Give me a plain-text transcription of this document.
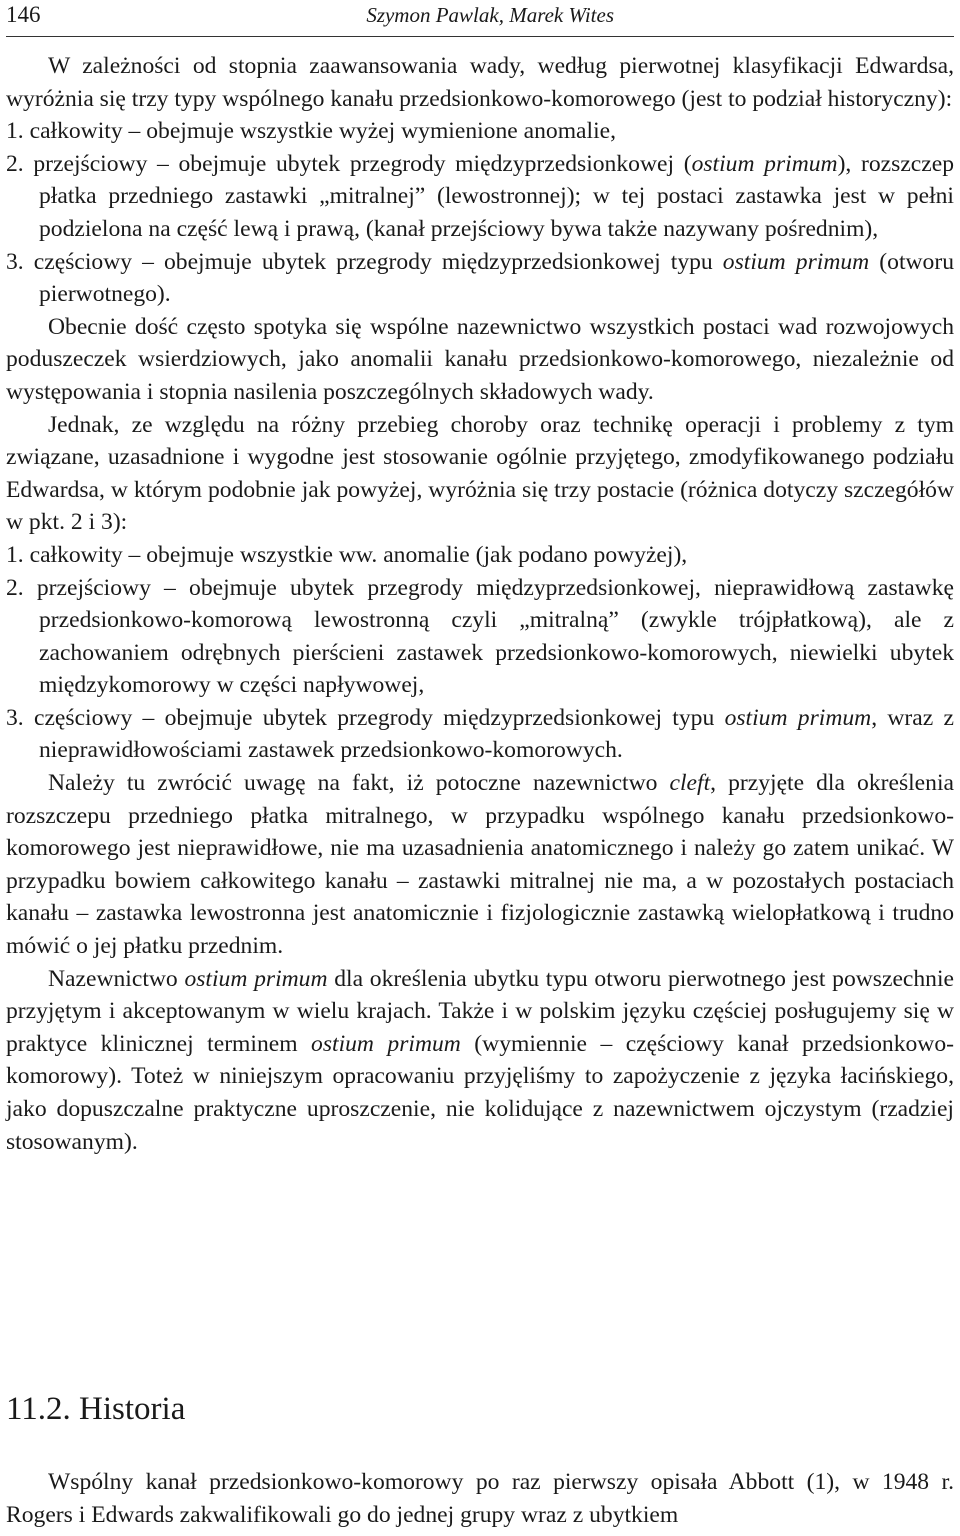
146	Szymon Pawlak, Marek Wites

W zależności od stopnia zaawansowania wady, według pierwotnej klasyfikacji Edwardsa, wyróżnia się trzy typy wspólnego kanału przedsionkowo-komorowego (jest to podział historyczny):

1. całkowity – obejmuje wszystkie wyżej wymienione anomalie,
2. przejściowy – obejmuje ubytek przegrody międzyprzedsionkowej (ostium primum), rozszczep płatka przedniego zastawki „mitralnej” (lewostronnej); w tej postaci zastawka jest w pełni podzielona na część lewą i prawą, (kanał przejściowy bywa także nazywany pośrednim),
3. częściowy – obejmuje ubytek przegrody międzyprzedsionkowej typu ostium primum (otworu pierwotnego).

Obecnie dość często spotyka się wspólne nazewnictwo wszystkich postaci wad rozwojowych poduszeczek wsierdziowych, jako anomalii kanału przedsionkowo-komorowego, niezależnie od występowania i stopnia nasilenia poszczególnych składowych wady.

Jednak, ze względu na różny przebieg choroby oraz technikę operacji i problemy z tym związane, uzasadnione i wygodne jest stosowanie ogólnie przyjętego, zmodyfikowanego podziału Edwardsa, w którym podobnie jak powyżej, wyróżnia się trzy postacie (różnica dotyczy szczegółów w pkt. 2 i 3):

1. całkowity – obejmuje wszystkie ww. anomalie (jak podano powyżej),
2. przejściowy – obejmuje ubytek przegrody międzyprzedsionkowej, nieprawidłową zastawkę przedsionkowo-komorową lewostronną czyli „mitralną” (zwykle trójpłatkową), ale z zachowaniem odrębnych pierścieni zastawek przedsionkowo-komorowych, niewielki ubytek międzykomorowy w części napływowej,
3. częściowy – obejmuje ubytek przegrody międzyprzedsionkowej typu ostium primum, wraz z nieprawidłowościami zastawek przedsionkowo-komorowych.

Należy tu zwrócić uwagę na fakt, iż potoczne nazewnictwo cleft, przyjęte dla określenia rozszczepu przedniego płatka mitralnego, w przypadku wspólnego kanału przedsionkowo-komorowego jest nieprawidłowe, nie ma uzasadnienia anatomicznego i należy go zatem unikać. W przypadku bowiem całkowitego kanału – zastawki mitralnej nie ma, a w pozostałych postaciach kanału – zastawka lewostronna jest anatomicznie i fizjologicznie zastawką wielopłatkową i trudno mówić o jej płatku przednim.

Nazewnictwo ostium primum dla określenia ubytku typu otworu pierwotnego jest powszechnie przyjętym i akceptowanym w wielu krajach. Także i w polskim języku częściej posługujemy się w praktyce klinicznej terminem ostium primum (wymiennie – częściowy kanał przedsionkowo-komorowy). Toteż w niniejszym opracowaniu przyjęliśmy to zapożyczenie z języka łacińskiego, jako dopuszczalne praktyczne uproszczenie, nie kolidujące z nazewnictwem ojczystym (rzadziej stosowanym).

11.2. Historia

Wspólny kanał przedsionkowo-komorowy po raz pierwszy opisała Abbott (1), w 1948 r. Rogers i Edwards zakwalifikowali go do jednej grupy wraz z ubytkiem
